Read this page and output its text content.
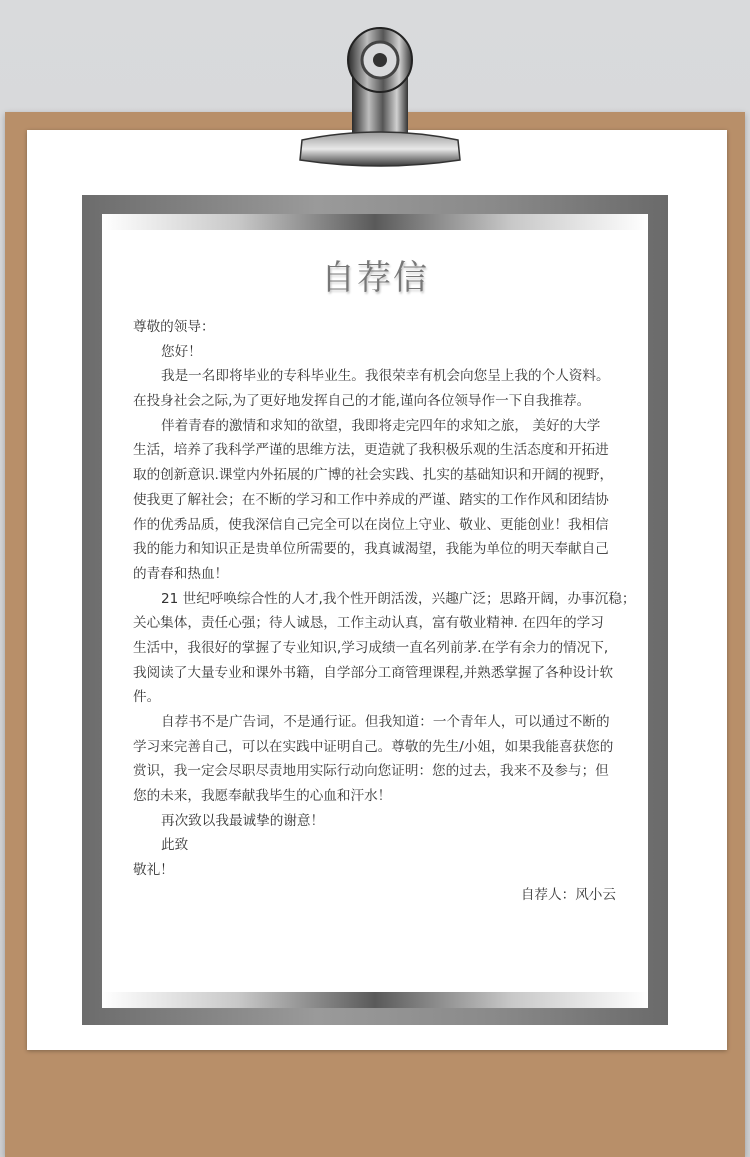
自荐信
尊敬的领导：
您好！
我是一名即将毕业的专科毕业生。我很荣幸有机会向您呈上我的个人资料。
在投身社会之际,为了更好地发挥自己的才能,谨向各位领导作一下自我推荐。
伴着青春的激情和求知的欲望，我即将走完四年的求知之旅， 美好的大学
生活，培养了我科学严谨的思维方法，更造就了我积极乐观的生活态度和开拓进
取的创新意识.课堂内外拓展的广博的社会实践、扎实的基础知识和开阔的视野，
使我更了解社会；在不断的学习和工作中养成的严谨、踏实的工作作风和团结协
作的优秀品质，使我深信自己完全可以在岗位上守业、敬业、更能创业！我相信
我的能力和知识正是贵单位所需要的，我真诚渴望，我能为单位的明天奉献自己
的青春和热血！
21 世纪呼唤综合性的人才,我个性开朗活泼，兴趣广泛；思路开阔，办事沉稳；
关心集体，责任心强；待人诚恳，工作主动认真，富有敬业精神. 在四年的学习
生活中，我很好的掌握了专业知识,学习成绩一直名列前茅.在学有余力的情况下,
我阅读了大量专业和课外书籍，自学部分工商管理课程,并熟悉掌握了各种设计软
件。
自荐书不是广告词，不是通行证。但我知道：一个青年人，可以通过不断的
学习来完善自己，可以在实践中证明自己。尊敬的先生/小姐，如果我能喜获您的
赏识，我一定会尽职尽责地用实际行动向您证明：您的过去，我来不及参与；但
您的未来，我愿奉献我毕生的心血和汗水！
再次致以我最诚挚的谢意！
此致
敬礼！
自荐人：风小云
